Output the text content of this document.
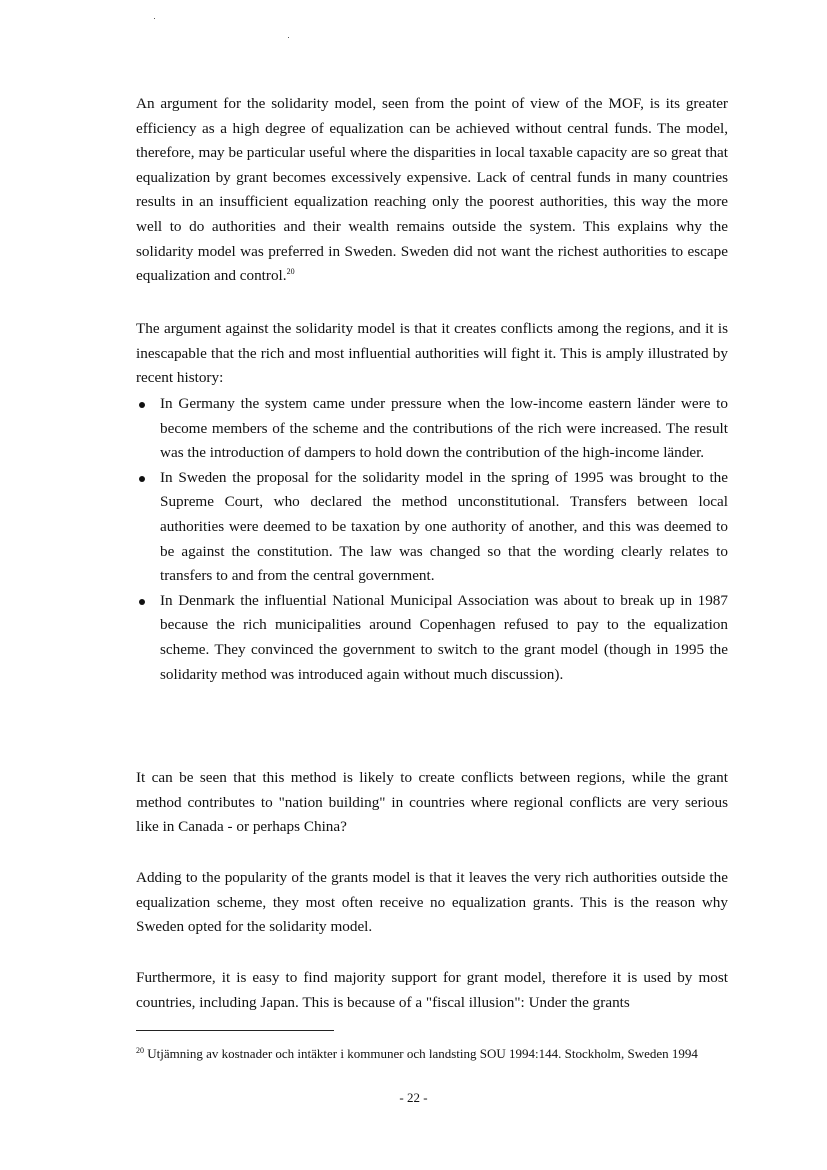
An argument for the solidarity model, seen from the point of view of the MOF, is its greater efficiency as a high degree of equalization can be achieved without central funds. The model, therefore, may be particular useful where the disparities in local taxable capacity are so great that equalization by grant becomes excessively expensive. Lack of central funds in many countries results in an insufficient equalization reaching only the poorest authorities, this way the more well to do authorities and their wealth remains outside the system. This explains why the solidarity model was preferred in Sweden. Sweden did not want the richest authorities to escape equalization and control.$^{20}$

The argument against the solidarity model is that it creates conflicts among the regions, and it is inescapable that the rich and most influential authorities will fight it. This is amply illustrated by recent history:

In Germany the system came under pressure when the low-income eastern länder were to become members of the scheme and the contributions of the rich were increased. The result was the introduction of dampers to hold down the contribution of the high-income länder.
In Sweden the proposal for the solidarity model in the spring of 1995 was brought to the Supreme Court, who declared the method unconstitutional. Transfers between local authorities were deemed to be taxation by one authority of another, and this was deemed to be against the constitution. The law was changed so that the wording clearly relates to transfers to and from the central government.
In Denmark the influential National Municipal Association was about to break up in 1987 because the rich municipalities around Copenhagen refused to pay to the equalization scheme. They convinced the government to switch to the grant model (though in 1995 the solidarity method was introduced again without much discussion).

It can be seen that this method is likely to create conflicts between regions, while the grant method contributes to "nation building" in countries where regional conflicts are very serious like in Canada - or perhaps China?

Adding to the popularity of the grants model is that it leaves the very rich authorities outside the equalization scheme, they most often receive no equalization grants. This is the reason why Sweden opted for the solidarity model.

Furthermore, it is easy to find majority support for grant model, therefore it is used by most countries, including Japan. This is because of a "fiscal illusion": Under the grants

$^{20}$ Utjämning av kostnader och intäkter i kommuner och landsting SOU 1994:144. Stockholm, Sweden 1994
- 22 -
